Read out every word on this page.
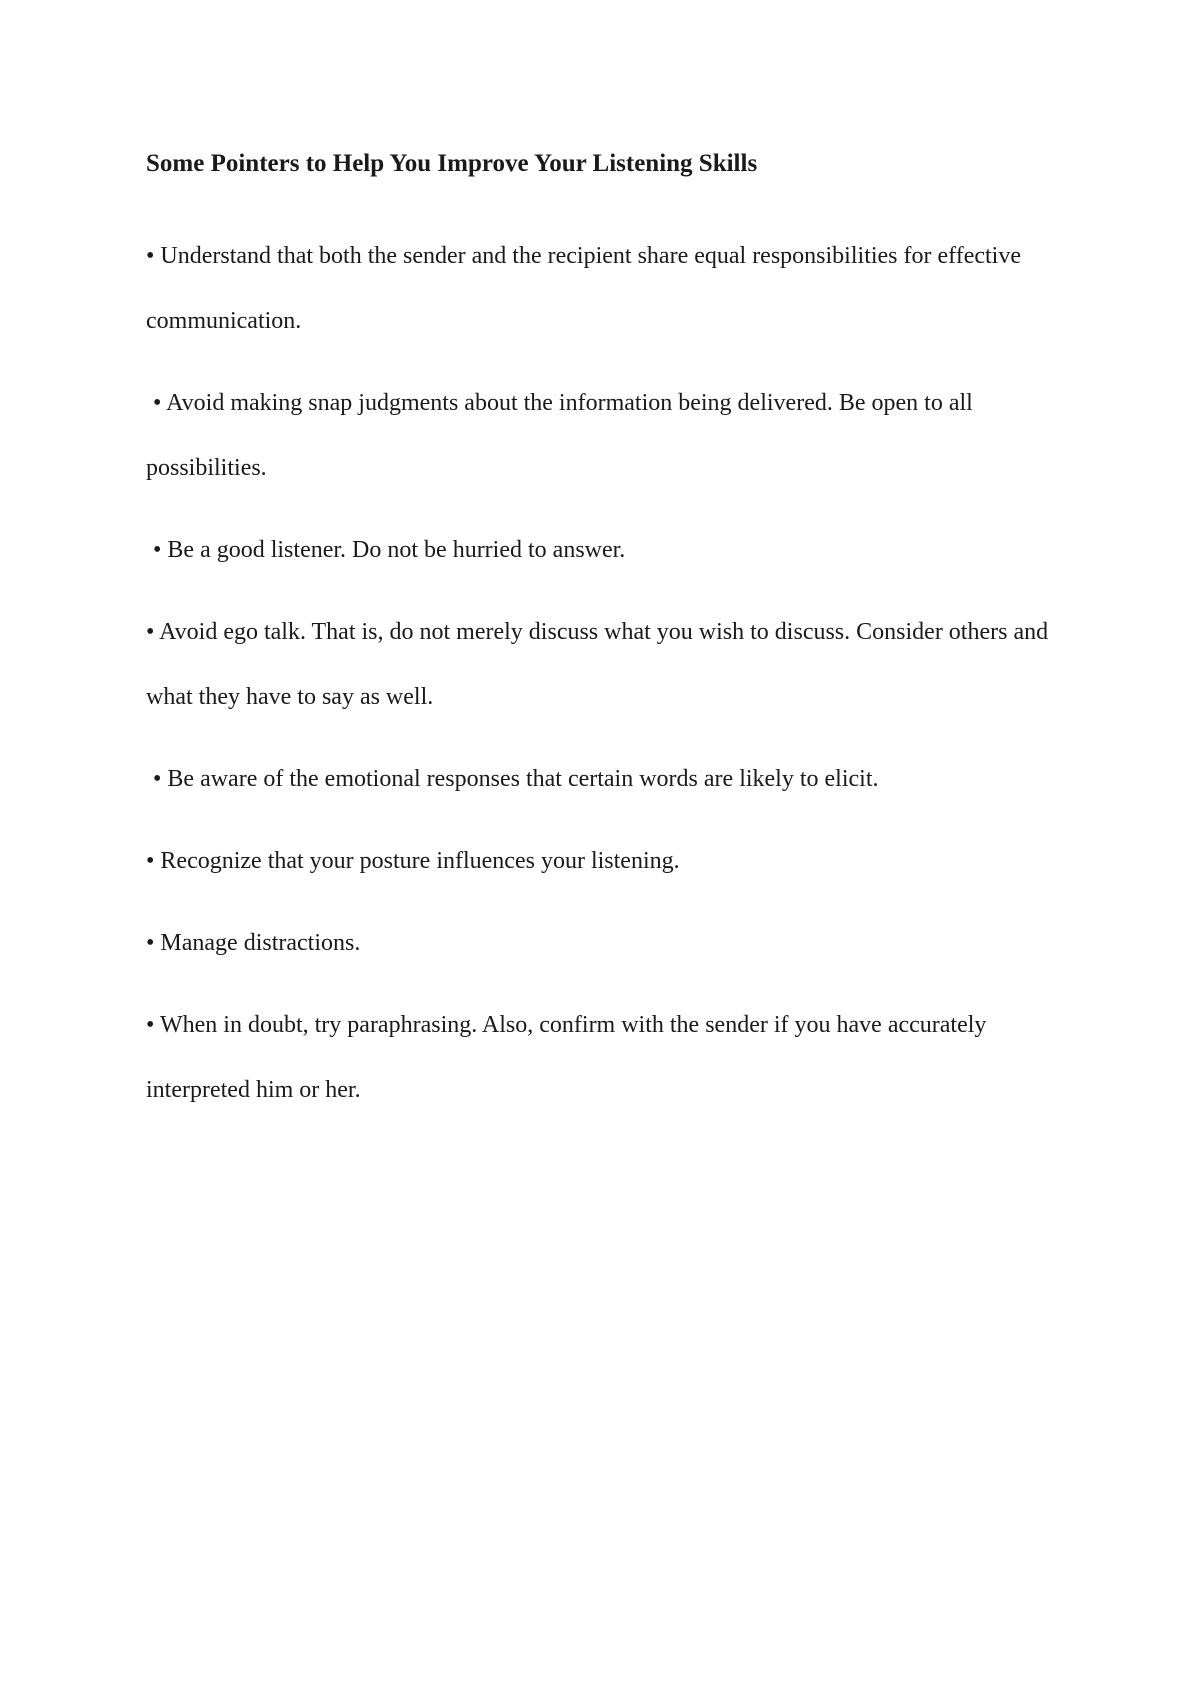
Some Pointers to Help You Improve Your Listening Skills
• Understand that both the sender and the recipient share equal responsibilities for effective communication.
• Avoid making snap judgments about the information being delivered. Be open to all possibilities.
• Be a good listener. Do not be hurried to answer.
• Avoid ego talk. That is, do not merely discuss what you wish to discuss. Consider others and what they have to say as well.
• Be aware of the emotional responses that certain words are likely to elicit.
• Recognize that your posture influences your listening.
• Manage distractions.
• When in doubt, try paraphrasing. Also, confirm with the sender if you have accurately interpreted him or her.
